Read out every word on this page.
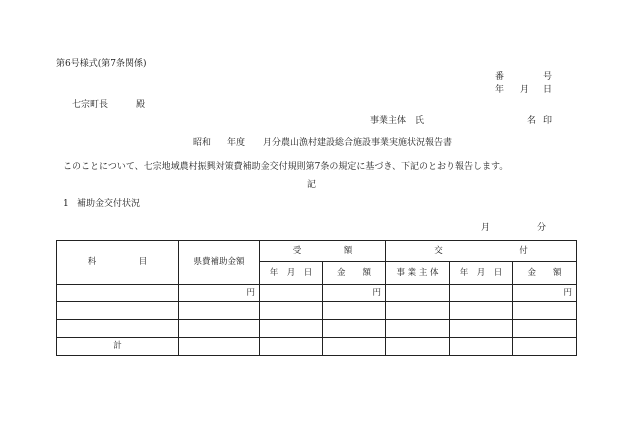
第6号様式(第7条関係)
番	号
年 月 日
七宗町長	殿
事業主体　氏	名 印
昭和 年度 月分農山漁村建設総合施設事業実施状況報告書
このことについて、七宗地域農村振興対策費補助金交付規則第7条の規定に基づき、下記のとおり報告します。
記
1 補助金交付状況
月	分
科　　　　　目	県費補助金額	受　　　　　額		交　　　　　　　　　付		
		年　月　日	金　　額	事 業 主 体	年　月　日	金　　額
	円		円			円

計						
